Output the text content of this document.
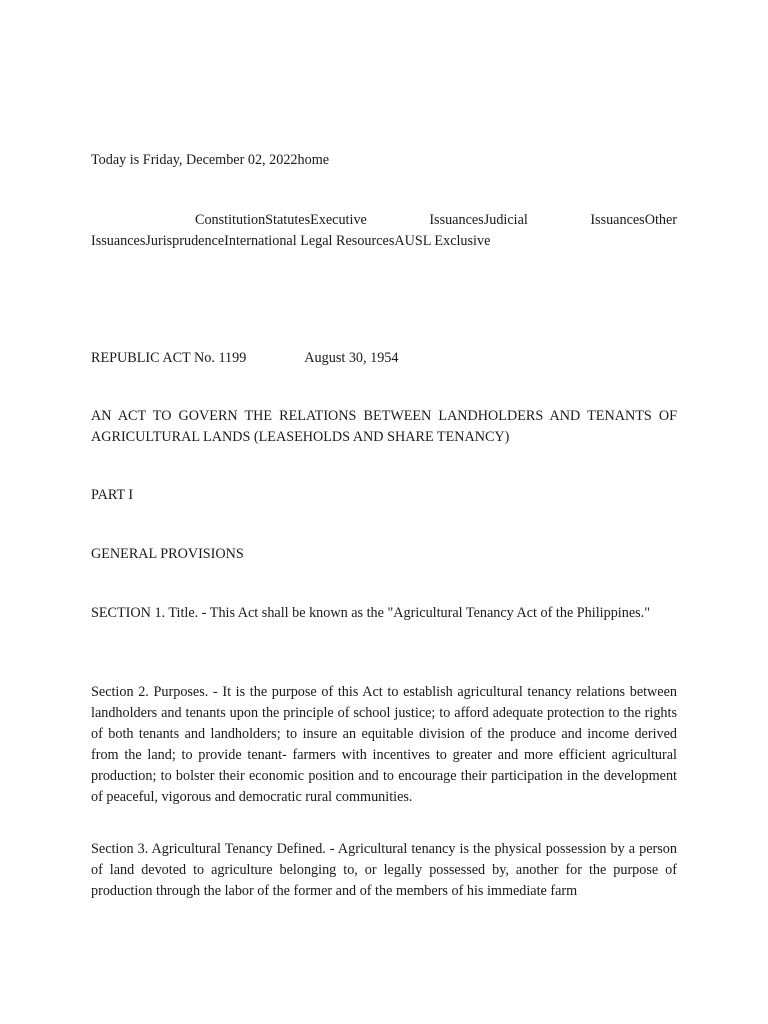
Today is Friday, December 02, 2022home
ConstitutionStatutesExecutive IssuancesJudicial IssuancesOther IssuancesJurisprudenceInternational Legal ResourcesAUSL Exclusive
REPUBLIC ACT No. 1199	August 30, 1954
AN ACT TO GOVERN THE RELATIONS BETWEEN LANDHOLDERS AND TENANTS OF AGRICULTURAL LANDS (LEASEHOLDS AND SHARE TENANCY)
PART I
GENERAL PROVISIONS
SECTION 1. Title. - This Act shall be known as the "Agricultural Tenancy Act of the Philippines."
Section 2. Purposes. - It is the purpose of this Act to establish agricultural tenancy relations between landholders and tenants upon the principle of school justice; to afford adequate protection to the rights of both tenants and landholders; to insure an equitable division of the produce and income derived from the land; to provide tenant- farmers with incentives to greater and more efficient agricultural production; to bolster their economic position and to encourage their participation in the development of peaceful, vigorous and democratic rural communities.
Section 3. Agricultural Tenancy Defined. - Agricultural tenancy is the physical possession by a person of land devoted to agriculture belonging to, or legally possessed by, another for the purpose of production through the labor of the former and of the members of his immediate farm
